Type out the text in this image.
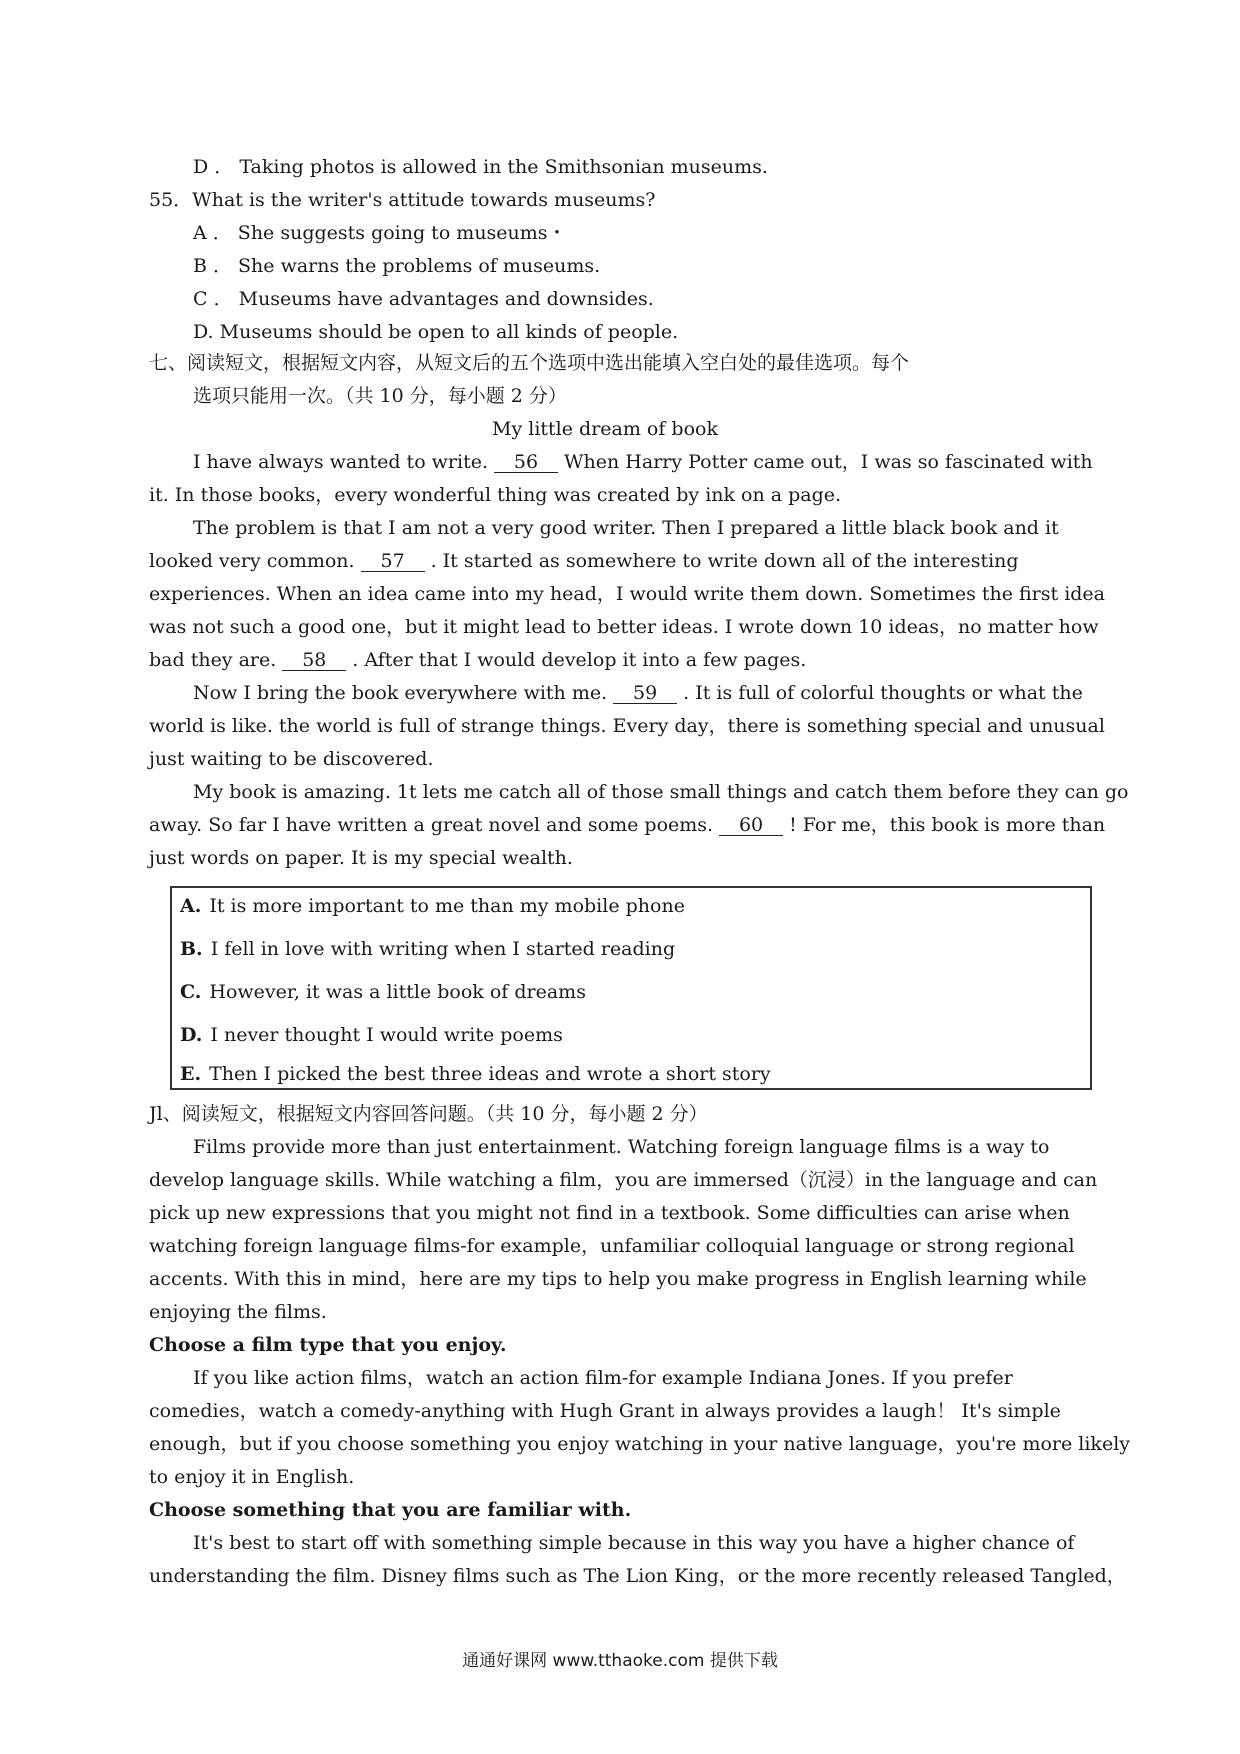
D ． Taking photos is allowed in the Smithsonian museums.
55．What is the writer's attitude towards museums?
A ． She suggests going to museums・
B ． She warns the problems of museums.
C ． Museums have advantages and downsides.
D. Museums should be open to all kinds of people.
七、阅读短文，根据短文内容，从短文后的五个选项中选出能填入空白处的最佳选项。每个
选项只能用一次。（共 10 分，每小题 2 分）
My little dream of book
I have always wanted to write. 56 When Harry Potter came out，I was so fascinated with
it. In those books，every wonderful thing was created by ink on a page.
The problem is that I am not a very good writer. Then I prepared a little black book and it
looked very common. 57 . It started as somewhere to write down all of the interesting
experiences. When an idea came into my head，I would write them down. Sometimes the first idea
was not such a good one，but it might lead to better ideas. I wrote down 10 ideas，no matter how
bad they are. 58 . After that I would develop it into a few pages.
Now I bring the book everywhere with me. 59 . It is full of colorful thoughts or what the
world is like. the world is full of strange things. Every day，there is something special and unusual
just waiting to be discovered.
My book is amazing. 1t lets me catch all of those small things and catch them before they can go
away. So far I have written a great novel and some poems. 60 ! For me，this book is more than
just words on paper. It is my special wealth.
A. It is more important to me than my mobile phone
B. I fell in love with writing when I started reading
C. However, it was a little book of dreams
D. I never thought I would write poems
E. Then I picked the best three ideas and wrote a short story
Jl、阅读短文，根据短文内容回答问题。（共 10 分，每小题 2 分）
Films provide more than just entertainment. Watching foreign language films is a way to
develop language skills. While watching a film，you are immersed（沉浸）in the language and can
pick up new expressions that you might not find in a textbook. Some difficulties can arise when
watching foreign language films-for example，unfamiliar colloquial language or strong regional
accents. With this in mind，here are my tips to help you make progress in English learning while
enjoying the films.
Choose a film type that you enjoy.
If you like action films，watch an action film-for example Indiana Jones. If you prefer
comedies，watch a comedy-anything with Hugh Grant in always provides a laugh！ It's simple
enough，but if you choose something you enjoy watching in your native language，you're more likely
to enjoy it in English.
Choose something that you are familiar with.
It's best to start off with something simple because in this way you have a higher chance of
understanding the film. Disney films such as The Lion King，or the more recently released Tangled，
通通好课网 www.tthaoke.com 提供下载
